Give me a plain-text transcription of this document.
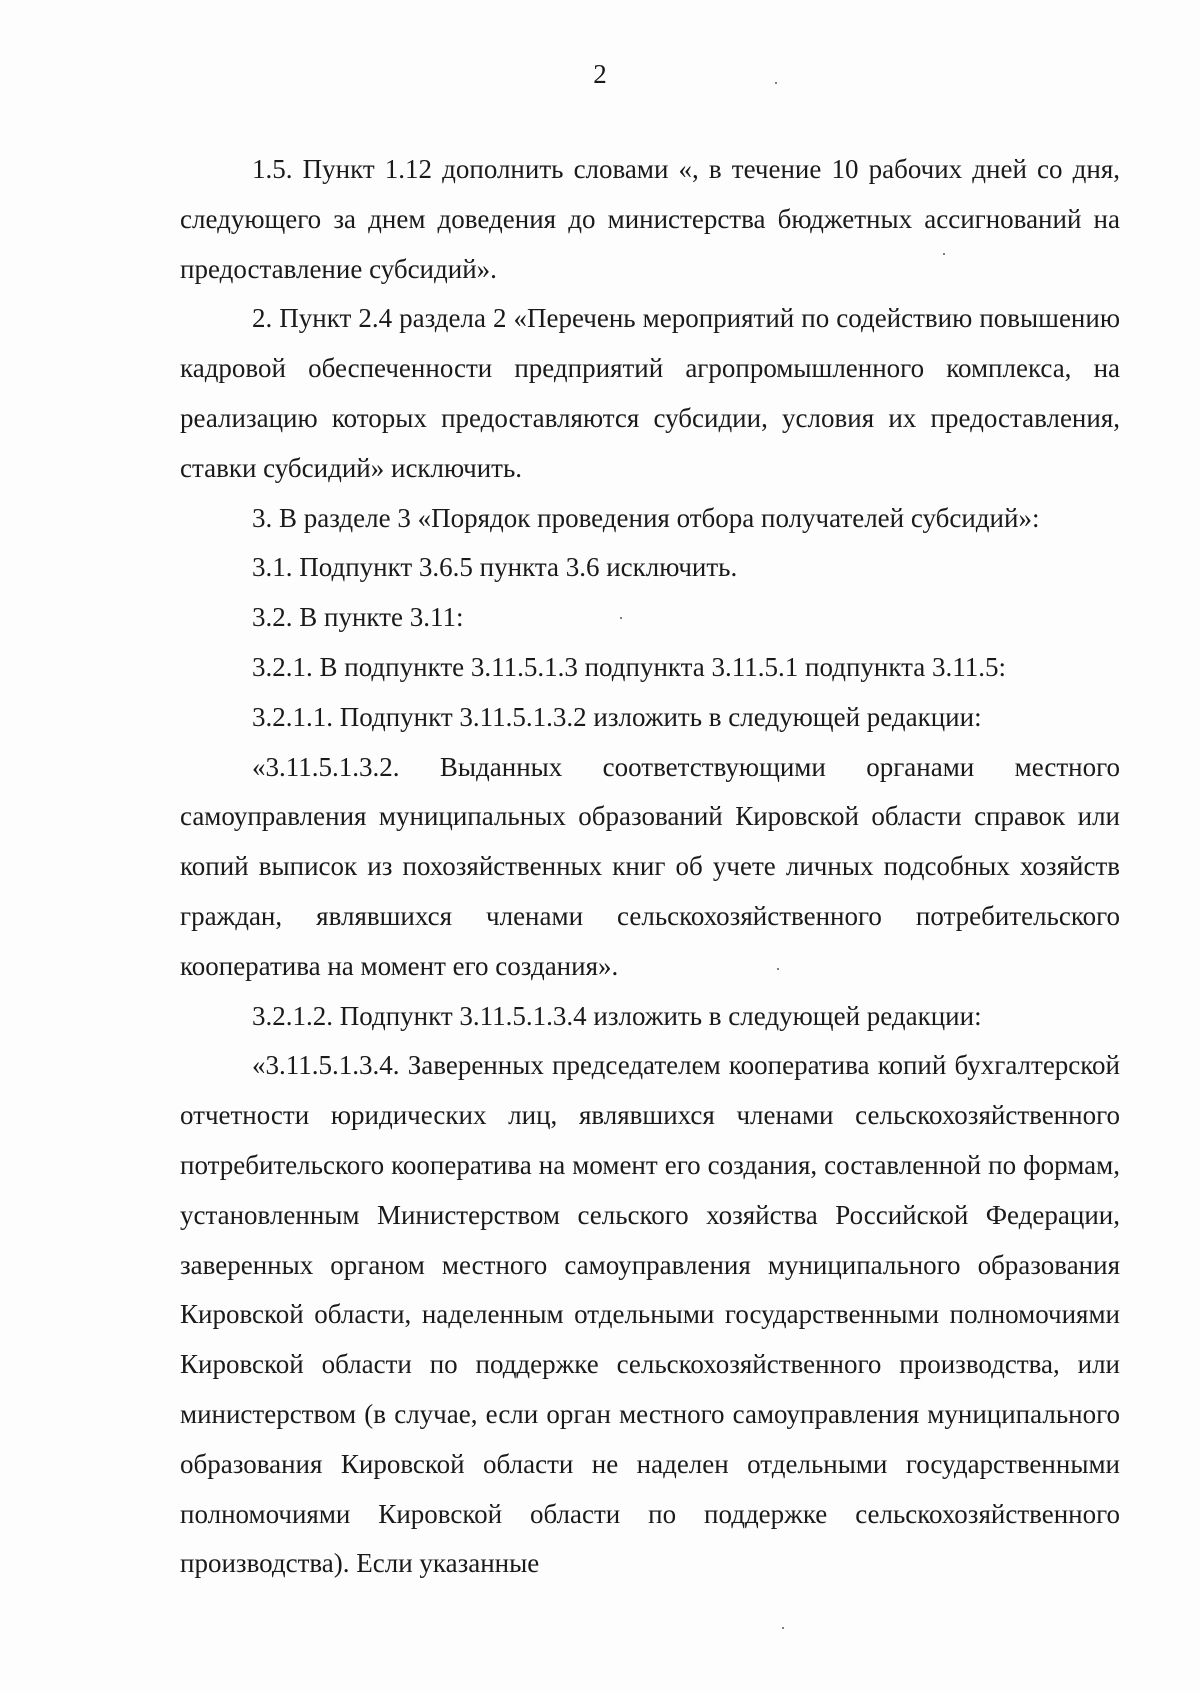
2

1.5. Пункт 1.12 дополнить словами «, в течение 10 рабочих дней со дня, следующего за днем доведения до министерства бюджетных ассигнований на предоставление субсидий».

2. Пункт 2.4 раздела 2 «Перечень мероприятий по содействию повышению кадровой обеспеченности предприятий агропромышленного комплекса, на реализацию которых предоставляются субсидии, условия их предоставления, ставки субсидий» исключить.

3. В разделе 3 «Порядок проведения отбора получателей субсидий»:

3.1. Подпункт 3.6.5 пункта 3.6 исключить.

3.2. В пункте 3.11:

3.2.1. В подпункте 3.11.5.1.3 подпункта 3.11.5.1 подпункта 3.11.5:

3.2.1.1. Подпункт 3.11.5.1.3.2 изложить в следующей редакции:

«3.11.5.1.3.2. Выданных соответствующими органами местного самоуправления муниципальных образований Кировской области справок или копий выписок из похозяйственных книг об учете личных подсобных хозяйств граждан, являвшихся членами сельскохозяйственного потребительского кооператива на момент его создания».

3.2.1.2. Подпункт 3.11.5.1.3.4 изложить в следующей редакции:

«3.11.5.1.3.4. Заверенных председателем кооператива копий бухгалтерской отчетности юридических лиц, являвшихся членами сельскохозяйственного потребительского кооператива на момент его создания, составленной по формам, установленным Министерством сельского хозяйства Российской Федерации, заверенных органом местного самоуправления муниципального образования Кировской области, наделенным отдельными государственными полномочиями Кировской области по поддержке сельскохозяйственного производства, или министерством (в случае, если орган местного самоуправления муниципального образования Кировской области не наделен отдельными государственными полномочиями Кировской области по поддержке сельскохозяйственного производства). Если указанные
